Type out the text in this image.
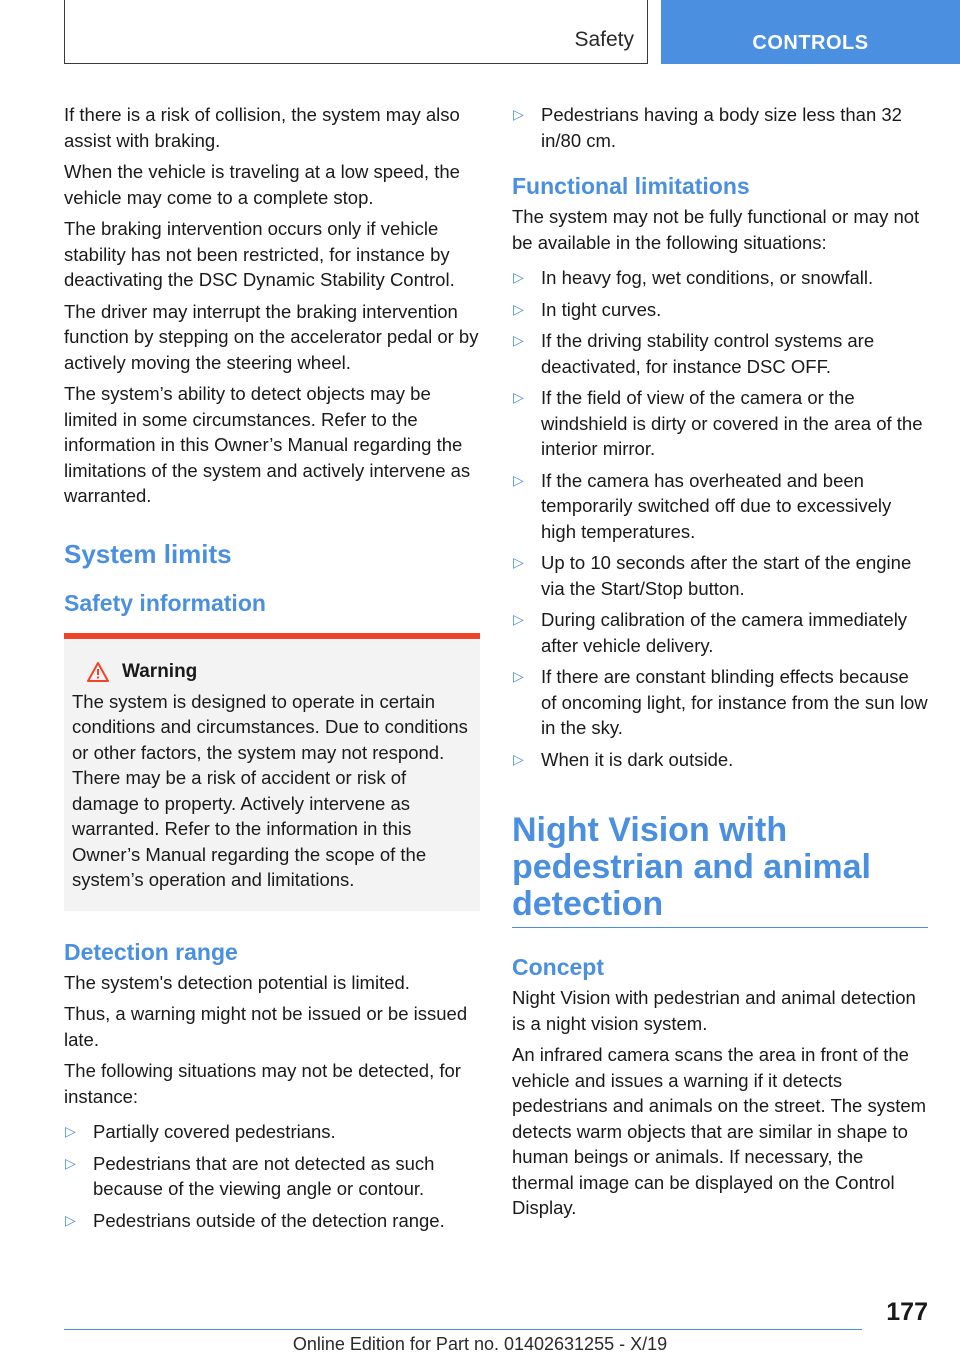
Safety	CONTROLS

If there is a risk of collision, the system may also assist with braking.

When the vehicle is traveling at a low speed, the vehicle may come to a complete stop.

The braking intervention occurs only if vehicle stability has not been restricted, for instance by deactivating the DSC Dynamic Stability Control.

The driver may interrupt the braking intervention function by stepping on the accelerator pedal or by actively moving the steering wheel.

The system’s ability to detect objects may be limited in some circumstances. Refer to the information in this Owner’s Manual regarding the limitations of the system and actively intervene as warranted.

System limits
Safety information
Warning

The system is designed to operate in certain conditions and circumstances. Due to conditions or other factors, the system may not respond. There may be a risk of accident or risk of damage to property. Actively intervene as warranted. Refer to the information in this Owner’s Manual regarding the scope of the system’s operation and limitations.

Detection range

The system's detection potential is limited.

Thus, a warning might not be issued or be issued late.

The following situations may not be detected, for instance:

▷ Partially covered pedestrians.
▷ Pedestrians that are not detected as such because of the viewing angle or contour.
▷ Pedestrians outside of the detection range.
▷ Pedestrians having a body size less than 32 in/80 cm.
Functional limitations

The system may not be fully functional or may not be available in the following situations:

▷ In heavy fog, wet conditions, or snowfall.
▷ In tight curves.
▷ If the driving stability control systems are deactivated, for instance DSC OFF.
▷ If the field of view of the camera or the windshield is dirty or covered in the area of the interior mirror.
▷ If the camera has overheated and been temporarily switched off due to excessively high temperatures.
▷ Up to 10 seconds after the start of the engine via the Start/Stop button.
▷ During calibration of the camera immediately after vehicle delivery.
▷ If there are constant blinding effects because of oncoming light, for instance from the sun low in the sky.
▷ When it is dark outside.
Night Vision with pedestrian and animal detection
Concept

Night Vision with pedestrian and animal detection is a night vision system.

An infrared camera scans the area in front of the vehicle and issues a warning if it detects pedestrians and animals on the street. The system detects warm objects that are similar in shape to human beings or animals. If necessary, the thermal image can be displayed on the Control Display.

177
Online Edition for Part no. 01402631255 - X/19
